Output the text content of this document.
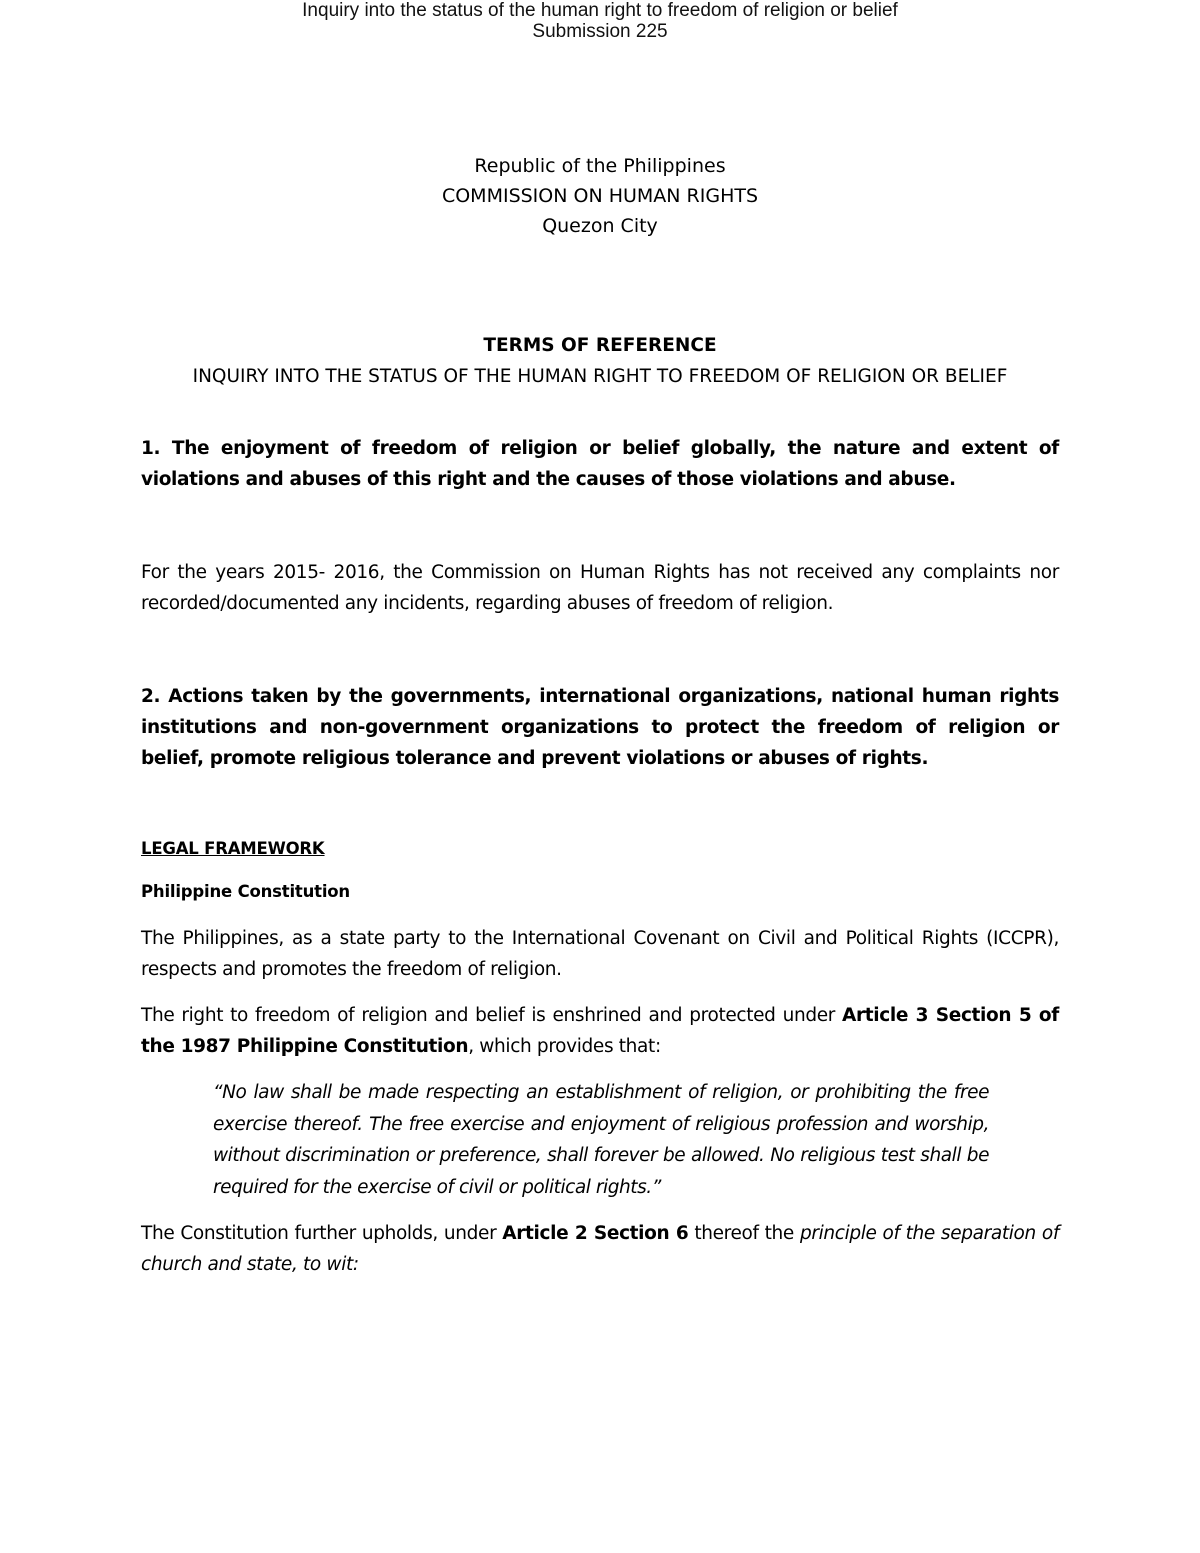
Inquiry into the status of the human right to freedom of religion or belief
Submission 225
Republic of the Philippines
COMMISSION ON HUMAN RIGHTS
Quezon City
TERMS OF REFERENCE
INQUIRY INTO THE STATUS OF THE HUMAN RIGHT TO FREEDOM OF RELIGION OR BELIEF
1. The enjoyment of freedom of religion or belief globally, the nature and extent of violations and abuses of this right and the causes of those violations and abuse.
For the years 2015- 2016, the Commission on Human Rights has not received any complaints nor recorded/documented any incidents, regarding abuses of freedom of religion.
2. Actions taken by the governments, international organizations, national human rights institutions and non-government organizations to protect the freedom of religion or belief, promote religious tolerance and prevent violations or abuses of rights.
LEGAL FRAMEWORK
Philippine Constitution
The Philippines, as a state party to the International Covenant on Civil and Political Rights (ICCPR), respects and promotes the freedom of religion.
The right to freedom of religion and belief is enshrined and protected under Article 3 Section 5 of the 1987 Philippine Constitution, which provides that:
“No law shall be made respecting an establishment of religion, or prohibiting the free exercise thereof. The free exercise and enjoyment of religious profession and worship, without discrimination or preference, shall forever be allowed. No religious test shall be required for the exercise of civil or political rights.”
The Constitution further upholds, under Article 2 Section 6 thereof the principle of the separation of church and state, to wit:
